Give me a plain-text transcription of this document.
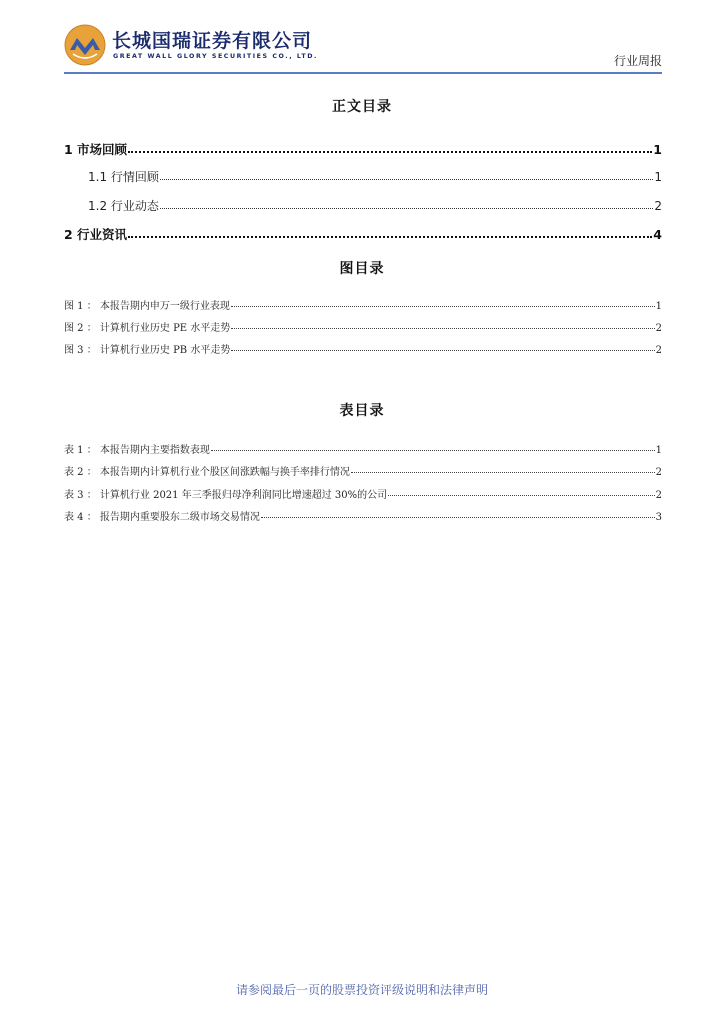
长城国瑞证券有限公司
GREAT WALL GLORY SECURITIES CO., LTD.	行业周报
正文目录
1 市场回顾	1
1.1 行情回顾	1
1.2 行业动态	2
2 行业资讯	4
图目录
图 1 ： 本报告期内申万一级行业表现	1
图 2 ： 计算机行业历史 PE 水平走势	2
图 3 ： 计算机行业历史 PB 水平走势	2
表目录
表 1 ： 本报告期内主要指数表现	1
表 2 ： 本报告期内计算机行业个股区间涨跌幅与换手率排行情况	2
表 3 ： 计算机行业 2021 年三季报归母净利润同比增速超过 30%的公司	2
表 4 ： 报告期内重要股东二级市场交易情况	3
请参阅最后一页的股票投资评级说明和法律声明
